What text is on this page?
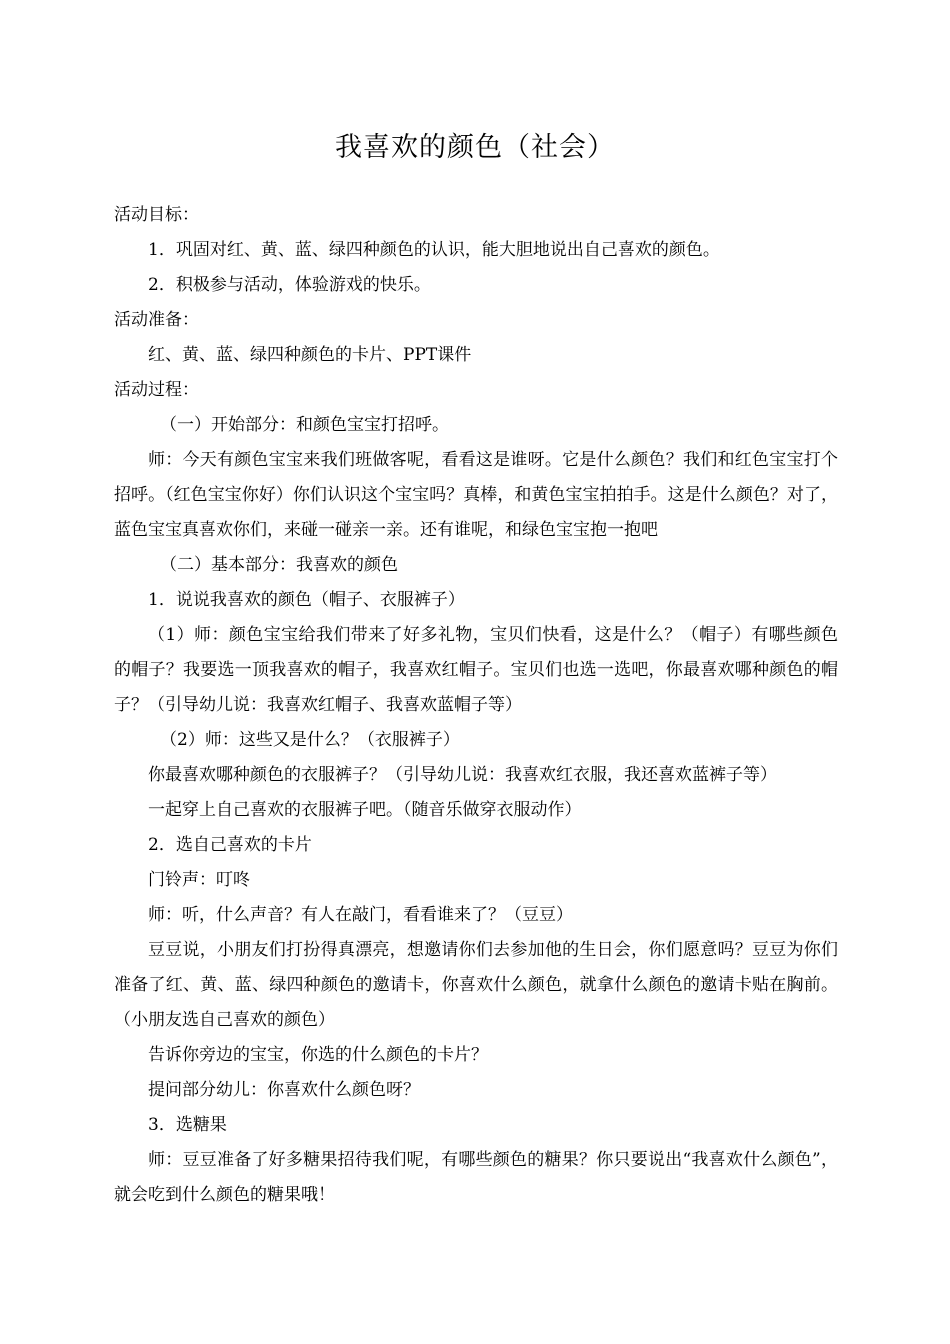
我喜欢的颜色（社会）

活动目标：

1．巩固对红、黄、蓝、绿四种颜色的认识，能大胆地说出自己喜欢的颜色。

2．积极参与活动，体验游戏的快乐。

活动准备：

红、黄、蓝、绿四种颜色的卡片、PPT课件

活动过程：

（一）开始部分：和颜色宝宝打招呼。

师：今天有颜色宝宝来我们班做客呢，看看这是谁呀。它是什么颜色？我们和红色宝宝打个招呼。（红色宝宝你好）你们认识这个宝宝吗？真棒，和黄色宝宝拍拍手。这是什么颜色？对了，蓝色宝宝真喜欢你们，来碰一碰亲一亲。还有谁呢，和绿色宝宝抱一抱吧

（二）基本部分：我喜欢的颜色

1．说说我喜欢的颜色（帽子、衣服裤子）

（1）师：颜色宝宝给我们带来了好多礼物，宝贝们快看，这是什么？（帽子）有哪些颜色的帽子？我要选一顶我喜欢的帽子，我喜欢红帽子。宝贝们也选一选吧，你最喜欢哪种颜色的帽子？（引导幼儿说：我喜欢红帽子、我喜欢蓝帽子等）

（2）师：这些又是什么？（衣服裤子）

你最喜欢哪种颜色的衣服裤子？（引导幼儿说：我喜欢红衣服，我还喜欢蓝裤子等）

一起穿上自己喜欢的衣服裤子吧。（随音乐做穿衣服动作）

2．选自己喜欢的卡片

门铃声：叮咚

师：听，什么声音？有人在敲门，看看谁来了？（豆豆）

豆豆说，小朋友们打扮得真漂亮，想邀请你们去参加他的生日会，你们愿意吗？豆豆为你们准备了红、黄、蓝、绿四种颜色的邀请卡，你喜欢什么颜色，就拿什么颜色的邀请卡贴在胸前。（小朋友选自己喜欢的颜色）

告诉你旁边的宝宝，你选的什么颜色的卡片？

提问部分幼儿：你喜欢什么颜色呀？

3．选糖果

师：豆豆准备了好多糖果招待我们呢，有哪些颜色的糖果？你只要说出“我喜欢什么颜色”，就会吃到什么颜色的糖果哦！
